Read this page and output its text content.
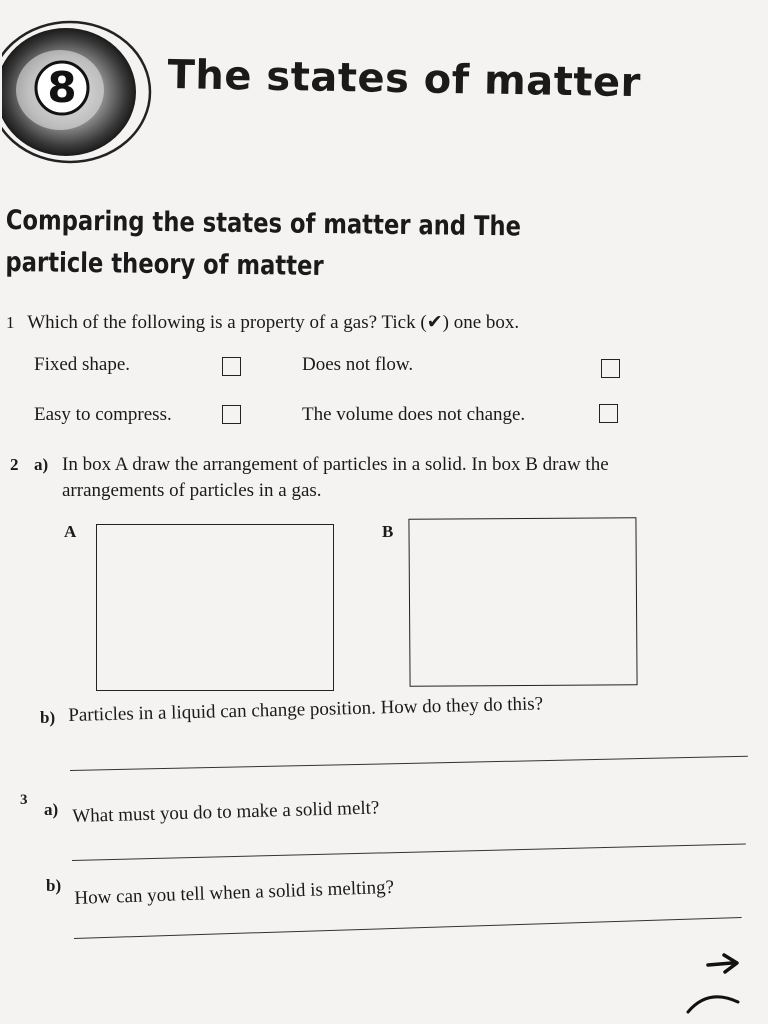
8 The states of matter
Comparing the states of matter and The particle theory of matter
1 Which of the following is a property of a gas? Tick (✔) one box.
Fixed shape.	Does not flow.
Easy to compress.	The volume does not change.
2 a) In box A draw the arrangement of particles in a solid. In box B draw the
arrangements of particles in a gas.
A	B
b) Particles in a liquid can change position. How do they do this?
3 a) What must you do to make a solid melt?
b) How can you tell when a solid is melting?
